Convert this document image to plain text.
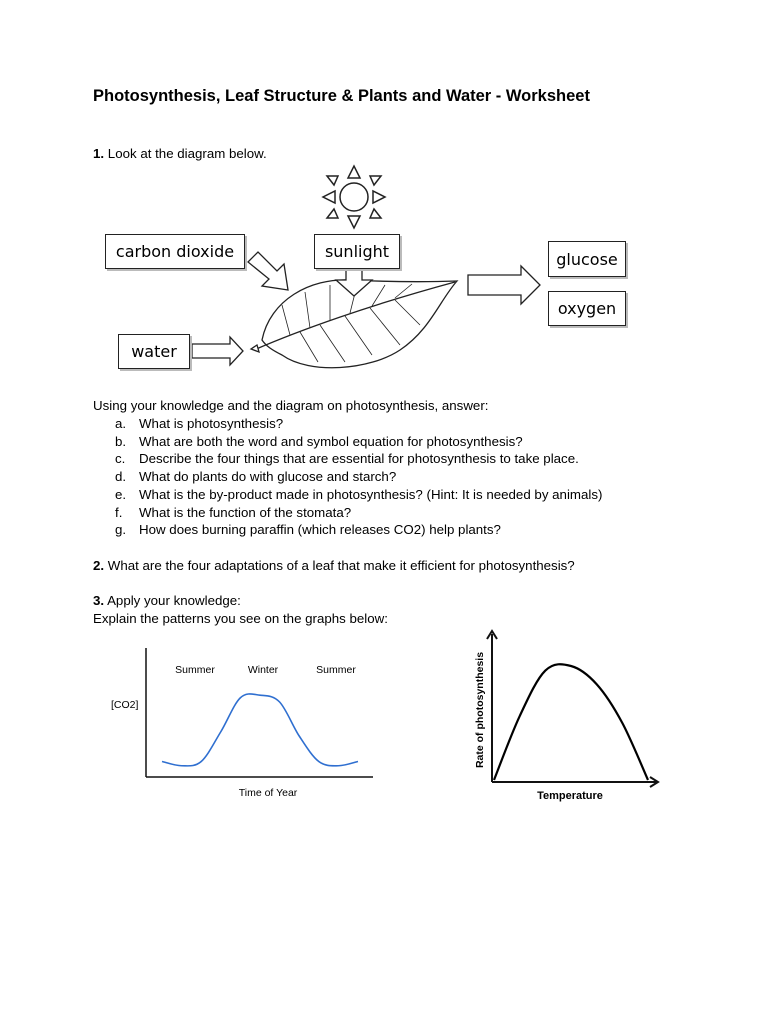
Photosynthesis, Leaf Structure & Plants and Water - Worksheet
1. Look at the diagram below.
carbon dioxide	sunlight
water
glucose
oxygen
Using your knowledge and the diagram on photosynthesis, answer:
a. What is photosynthesis?
b. What are both the word and symbol equation for photosynthesis?
c. Describe the four things that are essential for photosynthesis to take place.
d. What do plants do with glucose and starch?
e. What is the by-product made in photosynthesis? (Hint: It is needed by animals)
f. What is the function of the stomata?
g. How does burning paraffin (which releases CO2) help plants?
2. What are the four adaptations of a leaf that make it efficient for photosynthesis?
3. Apply your knowledge:
Explain the patterns you see on the graphs below:
Summer	Winter	Summer
[CO2]
Time of Year
Rate of photosynthesis
Temperature
